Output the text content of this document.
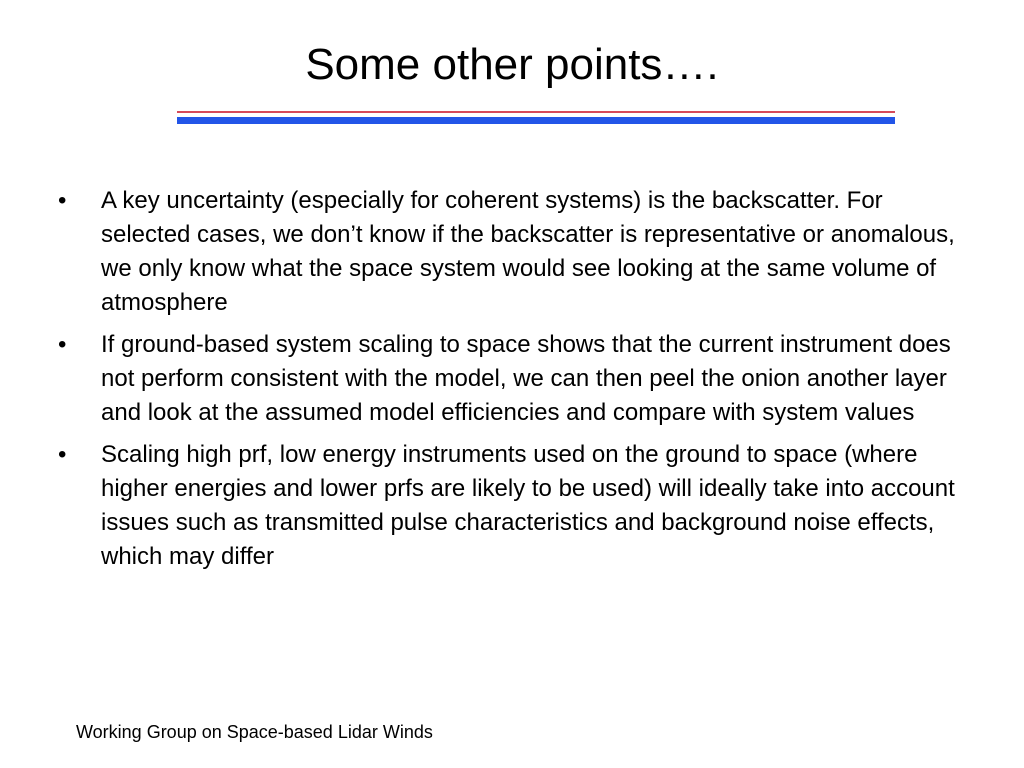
Some other points….
•	A key uncertainty (especially for coherent systems) is the backscatter. For selected cases, we don’t know if the backscatter is representative or anomalous, we only know what the space system would see looking at the same volume of atmosphere
•	If ground-based system scaling to space shows that the current instrument does not perform consistent with the model, we can then peel the onion another layer and look at the assumed model efficiencies and compare with system values
•	Scaling high prf, low energy instruments used on the ground to space (where higher energies and lower prfs are likely to be used) will ideally take into account issues such as transmitted pulse characteristics and background noise effects, which may differ
Working Group on Space-based Lidar Winds
